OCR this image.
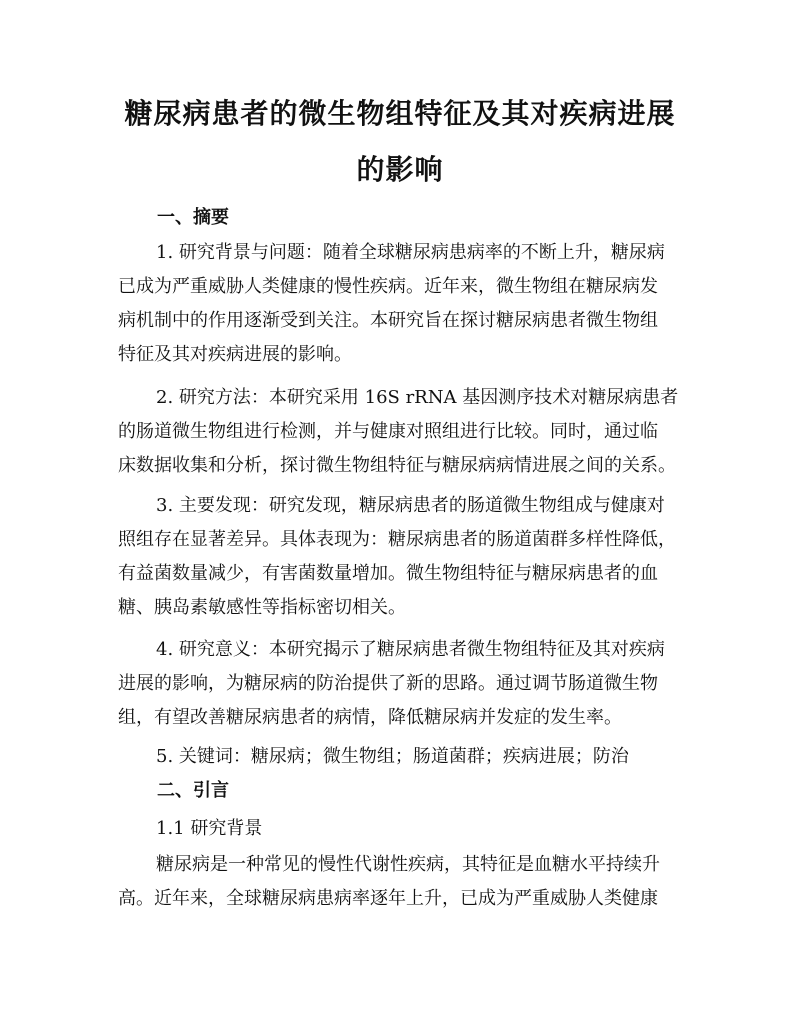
糖尿病患者的微生物组特征及其对疾病进展
的影响
一、摘要
1. 研究背景与问题：随着全球糖尿病患病率的不断上升，糖尿病
已成为严重威胁人类健康的慢性疾病。近年来，微生物组在糖尿病发
病机制中的作用逐渐受到关注。本研究旨在探讨糖尿病患者微生物组
特征及其对疾病进展的影响。
2. 研究方法：本研究采用 16S rRNA 基因测序技术对糖尿病患者
的肠道微生物组进行检测，并与健康对照组进行比较。同时，通过临
床数据收集和分析，探讨微生物组特征与糖尿病病情进展之间的关系。
3. 主要发现：研究发现，糖尿病患者的肠道微生物组成与健康对
照组存在显著差异。具体表现为：糖尿病患者的肠道菌群多样性降低，
有益菌数量减少，有害菌数量增加。微生物组特征与糖尿病患者的血
糖、胰岛素敏感性等指标密切相关。
4. 研究意义：本研究揭示了糖尿病患者微生物组特征及其对疾病
进展的影响，为糖尿病的防治提供了新的思路。通过调节肠道微生物
组，有望改善糖尿病患者的病情，降低糖尿病并发症的发生率。
5. 关键词：糖尿病；微生物组；肠道菌群；疾病进展；防治
二、引言
1.1 研究背景
糖尿病是一种常见的慢性代谢性疾病，其特征是血糖水平持续升
高。近年来，全球糖尿病患病率逐年上升，已成为严重威胁人类健康
